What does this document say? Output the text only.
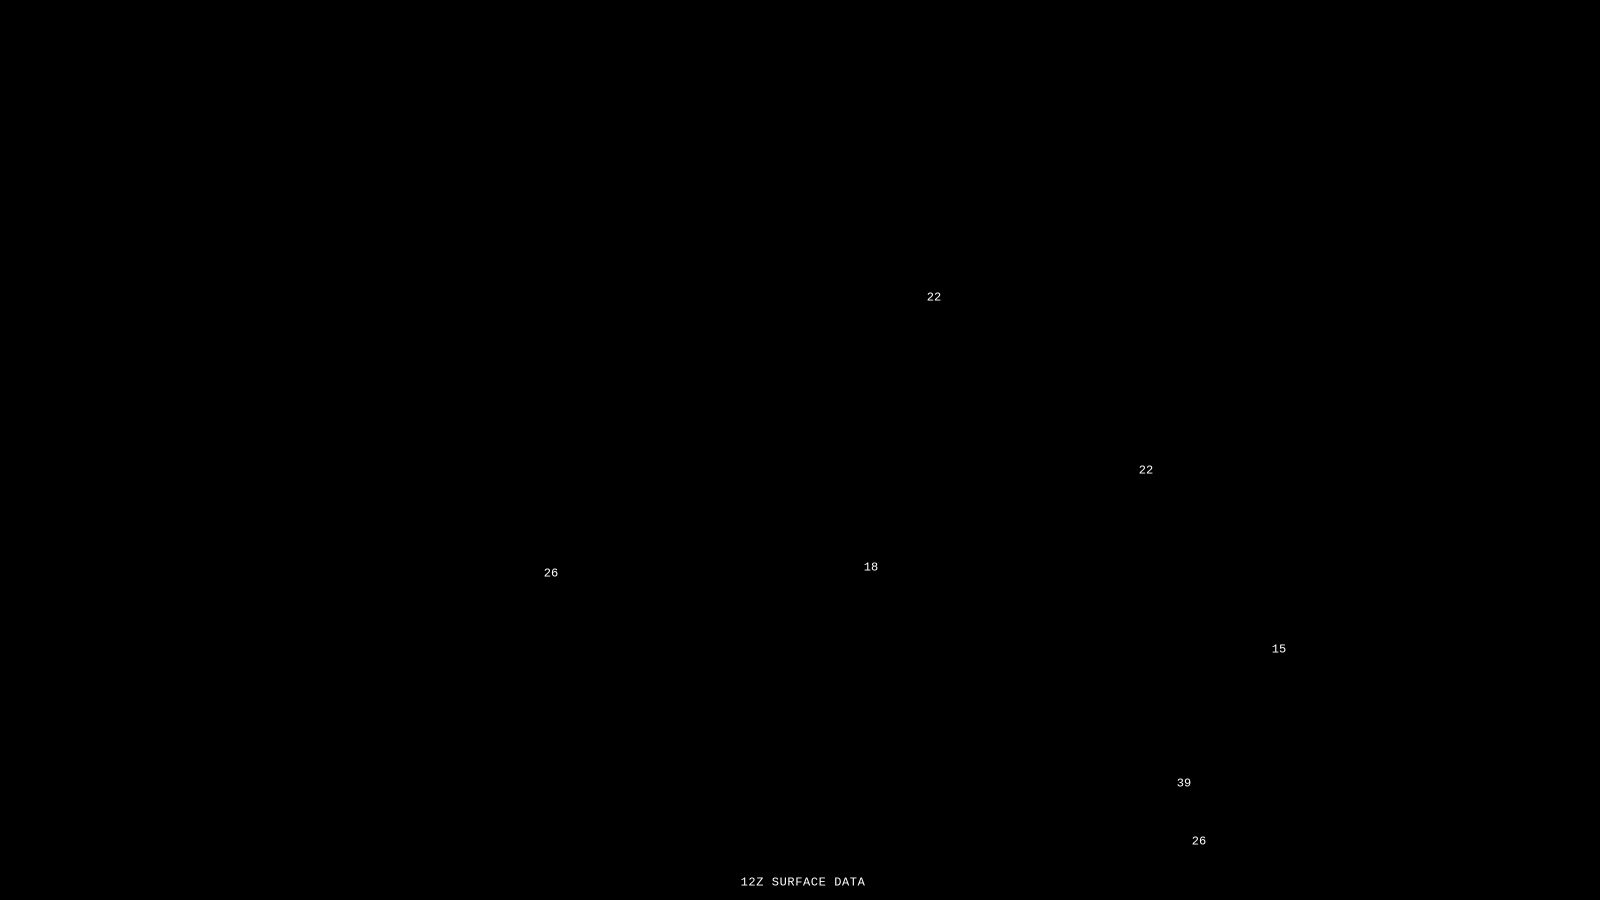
22
22
26	18
15
39
26
12Z SURFACE DATA
